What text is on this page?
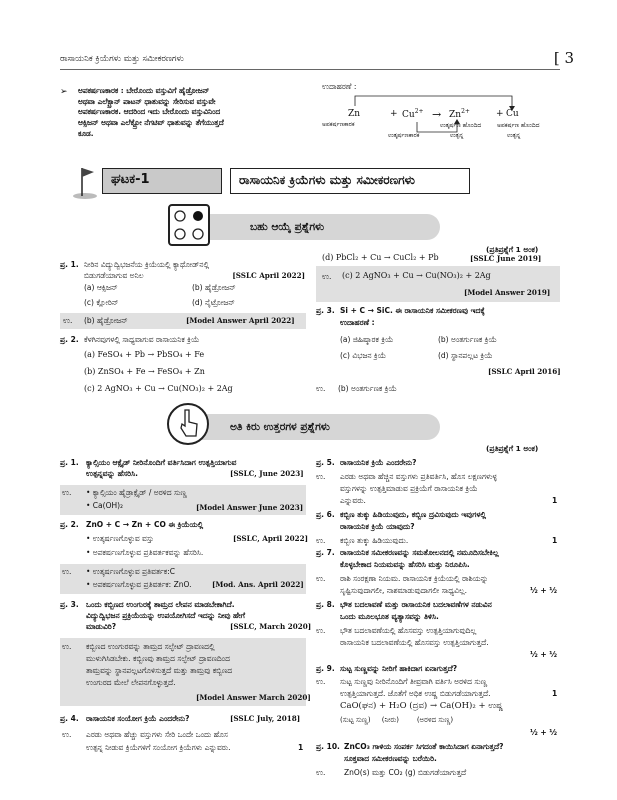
ರಾಸಾಯನಿಕ ಕ್ರಿಯೆಗಳು ಮತ್ತು ಸಮೀಕರಣಗಳು	[ 3
➢ ಅಪಕರ್ಷಣಕಾರಕ : ಬೇರೊಂದು ವಸ್ತುವಿಗೆ ಹೈಡ್ರೋಜನ್
ಅಥವಾ ಎಲೆಕ್ಟ್ರಾನ್ ಪಾಟನ್ ಧಾತುವನ್ನು ಸೇರಿಸುವ ವಸ್ತುವೇ
ಅಪಕರ್ಷಣಕಾರಕ. ಆದರಿಂದ ಇದು ಬೇರೊಂದು ವಸ್ತುವಿನಿಂದ
ಆಕ್ಸಿಜನ್ ಅಥವಾ ಎಲೆಕ್ಟ್ರೋ ನೆಗಟಿವ್ ಧಾತುವನ್ನು ತೆಗೆಯುತ್ತದೆ
ಕೂಡ.
ಉದಾಹರಣೆ :
Zn	+ $Cu^{2+} \to Zn^{2+}$	+ Cu
ಅಪಕರ್ಷಣಕಾರಕ
ಉತ್ಕರ್ಷಣಕಾರಕ
ಉತ್ಕರ್ಷಣ ಹೊಂದಿದ
ಉತ್ಪನ್ನ
ಅಪಕರ್ಷಣ ಹೊಂದಿದ
ಉತ್ಪನ್ನ
ಘಟಕ-1	ರಾಸಾಯನಿಕ ಕ್ರಿಯೆಗಳು ಮತ್ತು ಸಮೀಕರಣಗಳು
ಬಹು ಆಯ್ಕೆ ಪ್ರಶ್ನೆಗಳು
(ಪ್ರತಿಪ್ರಶ್ನೆಗೆ 1 ಅಂಕ)
ಪ್ರ. 1. ನೀರಿನ ವಿದ್ಯುದ್ವಿಭಜನೆಯ ಕ್ರಿಯೆಯಲ್ಲಿ ಕ್ಯಾಥೋಡ್‌ನಲ್ಲಿ
ಬಿಡುಗಡೆಯಾಗುವ ಅನಿಲ	[SSLC April 2022]
(a) ಆಕ್ಸಿಜನ್	(b) ಹೈಡ್ರೋಜನ್
(c) ಕ್ಲೋರಿನ್	(d) ನೈಟ್ರೋಜನ್
ಉ. (b) ಹೈಡ್ರೋಜನ್	[Model Answer April 2022]
ಪ್ರ. 2. ಕೆಳಗಿನವುಗಳಲ್ಲಿ ಸಾಧ್ಯವಾಗುವ ರಾಸಾಯನಿಕ ಕ್ರಿಯೆ
(a) FeSO₄ + Pb → PbSO₄ + Fe
(b) ZnSO₄ + Fe → FeSO₄ + Zn
(c) 2 AgNO₃ + Cu → Cu(NO₃)₂ + 2Ag
(d) PbCl₂ + Cu → CuCl₂ + Pb	[SSLC June 2019]
ಉ. (c) 2 AgNO₃ + Cu → Cu(NO₃)₂ + 2Ag
[Model Answer 2019]
ಪ್ರ. 3. Si + C → SiC. ಈ ರಾಸಾಯನಿಕ ಸಮೀಕರಣವು ಇದಕ್ಕೆ
ಉದಾಹರಣೆ :
(a) ಜಿಹಿಷ್ಕಾರಕ ಕ್ರಿಯೆ	(b) ಅಂತರ್ಗುಣಕ ಕ್ರಿಯೆ
(c) ವಿಭಜನ ಕ್ರಿಯೆ	(d) ಸ್ಥಾನಪಲ್ಲಟ ಕ್ರಿಯೆ
[SSLC April 2016]
ಉ. (b) ಅಂತರ್ಗುಣಕ ಕ್ರಿಯೆ
ಅತಿ ಕಿರು ಉತ್ತರಗಳ ಪ್ರಶ್ನೆಗಳು
(ಪ್ರತಿಪ್ರಶ್ನೆಗೆ 1 ಅಂಕ)
ಪ್ರ. 1. ಕ್ಯಾಲ್ಸಿಯಂ ಆಕ್ಸೈಡ್ ನೀರಿನೊಂದಿಗೆ ವರ್ತಿಸಿದಾಗ ಉತ್ಪತ್ತಿಯಾಗುವ
ಉತ್ಪನ್ನವನ್ನು ಹೆಸರಿಸಿ.	[SSLC, June 2023]
ಉ. • ಕ್ಯಾಲ್ಸಿಯಂ ಹೈಡ್ರಾಕ್ಸೈಡ್ / ಅರಳಿದ ಸುಣ್ಣ
• Ca(OH)₂	[Model Answer June 2023]
ಪ್ರ. 2. ZnO + C → Zn + CO ಈ ಕ್ರಿಯೆಯಲ್ಲಿ
[SSLC, April 2022]
• ಉತ್ಕರ್ಷಣಗೊಳ್ಳುವ ವಸ್ತು
• ಅಪಕರ್ಷಣಗೊಳ್ಳುವ ಪ್ರತಿವರ್ತಕವನ್ನು ಹೆಸರಿಸಿ.
ಉ. • ಉತ್ಕರ್ಷಣಗೊಳ್ಳುವ ಪ್ರತಿವರ್ತಕ:C
• ಅಪಕರ್ಷಣಗೊಳ್ಳುವ ಪ್ರತಿವರ್ತಕ: ZnO.	[Mod. Ans. April 2022]
ಪ್ರ. 3. ಒಂದು ಕಬ್ಬಿಣದ ಉಂಗುರಕ್ಕೆ ತಾಮ್ರದ ಲೇಪನ ಮಾಡಬೇಕಾಗಿದೆ.
ವಿದ್ಯುದ್ವಿಭಜನ ಪ್ರಕ್ರಿಯೆಯನ್ನು ಉಪಯೋಗಿಸದೆ ಇದನ್ನು ನೀವು ಹೇಗೆ
ಮಾಡುವಿರಿ?	[SSLC, March 2020]
ಉ. ಕಬ್ಬಿಣದ ಉಂಗುರವನ್ನು ತಾಮ್ರದ ಸಲ್ಫೇಟ್ ದ್ರಾವಣದಲ್ಲಿ
ಮುಳುಗಿಸಿಡಬೇಕು. ಕಬ್ಬಿಣವು ತಾಮ್ರದ ಸಲ್ಫೇಟ್ ದ್ರಾವಣದಿಂದ
ತಾಮ್ರವನ್ನು ಸ್ಥಾನಪಲ್ಲಟಗೊಳಿಸುತ್ತದೆ ಮತ್ತು ತಾಮ್ರವು ಕಬ್ಬಿಣದ
ಉಂಗುರದ ಮೇಲೆ ಲೇಪನಗೊಳ್ಳುತ್ತದೆ.
[Model Answer March 2020]
ಪ್ರ. 4. ರಾಸಾಯನಿಕ ಸಂಯೋಗ ಕ್ರಿಯೆ ಎಂದರೇನು?	[SSLC July, 2018]
ಉ. ಎರಡು ಅಥವಾ ಹೆಚ್ಚು ವಸ್ತುಗಳು ಸೇರಿ ಒಂದೇ ಒಂದು ಹೊಸ
ಉತ್ಪನ್ನ ನೀಡುವ ಕ್ರಿಯೆಗಳಿಗೆ ಸಂಯೋಗ ಕ್ರಿಯೆಗಳು ಎನ್ನುವರು.	1
ಪ್ರ. 5. ರಾಸಾಯನಿಕ ಕ್ರಿಯೆ ಎಂದರೇನು?
ಉ. ಎರಡು ಅಥವಾ ಹೆಚ್ಚಿನ ವಸ್ತುಗಳು ಪ್ರತಿವರ್ತಿಸಿ, ಹೊಸ ಲಕ್ಷಣಗಳುಳ್ಳ
ವಸ್ತುಗಳನ್ನು ಉತ್ಪತ್ತಿಮಾಡುವ ಪ್ರಕ್ರಿಯೆಗೆ ರಾಸಾಯನಿಕ ಕ್ರಿಯೆ
ಎನ್ನುವರು.	1
ಪ್ರ. 6. ಕಬ್ಬಿಣ ತುಕ್ಕು ಹಿಡಿಯುವುದು, ಕಬ್ಬಿಣ ದ್ರವಿಸುವುದು ಇವುಗಳಲ್ಲಿ
ರಾಸಾಯನಿಕ ಕ್ರಿಯೆ ಯಾವುದು?
ಉ. ಕಬ್ಬಿಣ ತುಕ್ಕು ಹಿಡಿಯುವುದು.	1
ಪ್ರ. 7. ರಾಸಾಯನಿಕ ಸಮೀಕರಣವನ್ನು ಸಮತೋಲನದಲ್ಲಿ ನಮೂದಿಸಬೇಕಿಲ್ಲ
ಕೊಳ್ಳಬೇಕಾದ ನಿಯಮವನ್ನು ಹೆಸರಿಸಿ ಮತ್ತು ನಿರೂಪಿಸಿ.
ಉ. ರಾಶಿ ಸಂರಕ್ಷಣಾ ನಿಯಮ. ರಾಸಾಯನಿಕ ಕ್ರಿಯೆಯಲ್ಲಿ ರಾಶಿಯನ್ನು
ಸೃಷ್ಟಿಸುವುದಾಗಲೀ, ನಾಶಮಾಡುವುದಾಗಲೀ ಸಾಧ್ಯವಿಲ್ಲ.	½ + ½
ಪ್ರ. 8. ಭೌತ ಬದಲಾವಣೆ ಮತ್ತು ರಾಸಾಯನಿಕ ಬದಲಾವಣೆಗಳ ನಡುವಿನ
ಒಂದು ಮೂಲಭೂತ ವ್ಯತ್ಯಾಸವನ್ನು ತಿಳಿಸಿ.
ಉ. ಭೌತ ಬದಲಾವಣೆಯಲ್ಲಿ ಹೊಸವಸ್ತು ಉತ್ಪತ್ತಿಯಾಗುವುದಿಲ್ಲ
ರಾಸಾಯನಿಕ ಬದಲಾವಣೆಯಲ್ಲಿ ಹೊಸವಸ್ತು ಉತ್ಪತ್ತಿಯಾಗುತ್ತದೆ.
½ + ½
ಪ್ರ. 9. ಸುಟ್ಟ ಸುಣ್ಣವನ್ನು ನೀರಿಗೆ ಹಾಕಿದಾಗ ಏನಾಗುತ್ತದೆ?
ಉ. ಸುಟ್ಟ ಸುಣ್ಣವು ನೀರಿನೊಂದಿಗೆ ತೀವ್ರವಾಗಿ ವರ್ತಿಸಿ ಅರಳಿದ ಸುಣ್ಣ
ಉತ್ಪತ್ತಿಯಾಗುತ್ತದೆ. ಜೊತೆಗೆ ಅಧಿಕ ಉಷ್ಣ ಬಿಡುಗಡೆಯಾಗುತ್ತದೆ.	1
CaO(ಘನ) + H₂O (ದ್ರವ) → Ca(OH)₂ + ಉಷ್ಣ
(ಸುಟ್ಟ ಸುಣ್ಣ)     (ನೀರು)        (ಅರಳಿದ ಸುಣ್ಣ)
½ + ½
ಪ್ರ. 10. ZnCO₃ ಗಾಳಿಯ ಸಂಪರ್ಕ ಸಿಗದಂತೆ ಕಾಯಿಸಿದಾಗ ಏನಾಗುತ್ತದೆ?
ಸೂಕ್ತವಾದ ಸಮೀಕರಣವನ್ನು ಬರೆಯಿರಿ.
ಉ. ZnO(s) ಮತ್ತು CO₂ (g) ಬಿಡುಗಡೆಯಾಗುತ್ತದೆ
